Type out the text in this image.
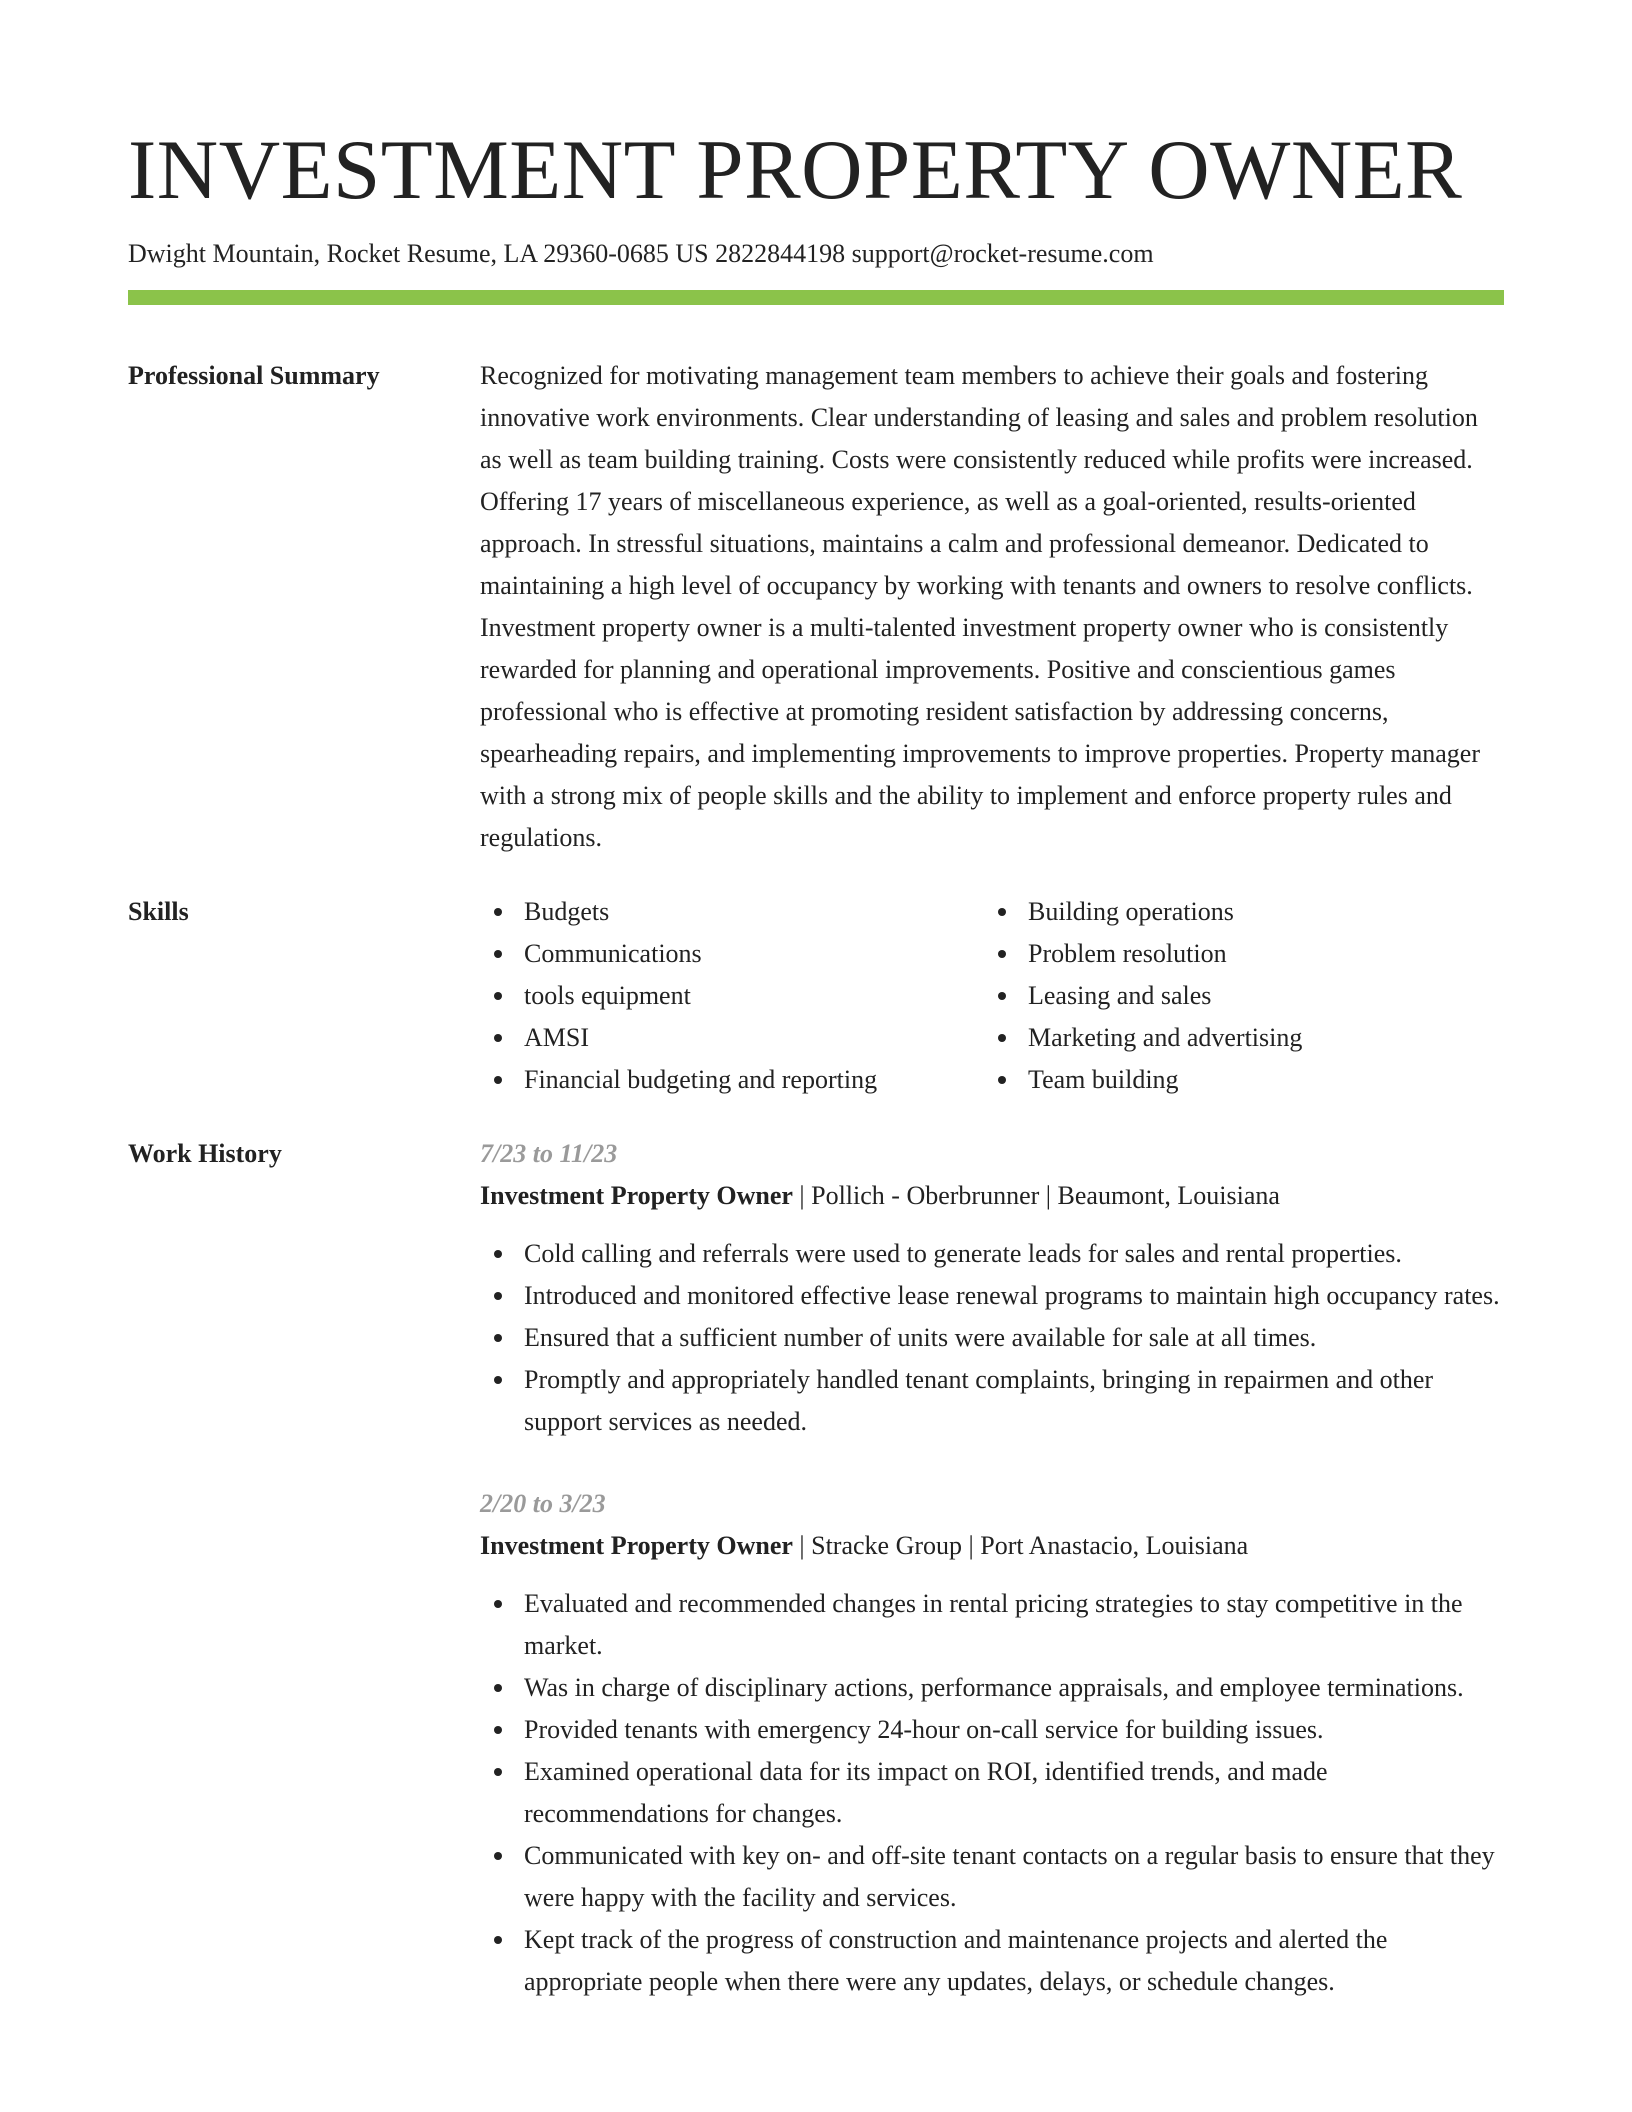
INVESTMENT PROPERTY OWNER
Dwight Mountain, Rocket Resume, LA 29360-0685 US 2822844198 support@rocket-resume.com
Professional Summary	Recognized for motivating management team members to achieve their goals and fostering innovative work environments. Clear understanding of leasing and sales and problem resolution as well as team building training. Costs were consistently reduced while profits were increased. Offering 17 years of miscellaneous experience, as well as a goal-oriented, results-oriented approach. In stressful situations, maintains a calm and professional demeanor. Dedicated to maintaining a high level of occupancy by working with tenants and owners to resolve conflicts. Investment property owner is a multi-talented investment property owner who is consistently rewarded for planning and operational improvements. Positive and conscientious games professional who is effective at promoting resident satisfaction by addressing concerns, spearheading repairs, and implementing improvements to improve properties. Property manager with a strong mix of people skills and the ability to implement and enforce property rules and regulations.
Skills	Budgets
Communications
tools equipment
AMSI
Financial budgeting and reporting
Building operations
Problem resolution
Leasing and sales
Marketing and advertising
Team building
Work History	7/23 to 11/23
Investment Property Owner | Pollich - Oberbrunner | Beaumont, Louisiana
Cold calling and referrals were used to generate leads for sales and rental properties.
Introduced and monitored effective lease renewal programs to maintain high occupancy rates.
Ensured that a sufficient number of units were available for sale at all times.
Promptly and appropriately handled tenant complaints, bringing in repairmen and other support services as needed.
2/20 to 3/23
Investment Property Owner | Stracke Group | Port Anastacio, Louisiana
Evaluated and recommended changes in rental pricing strategies to stay competitive in the market.
Was in charge of disciplinary actions, performance appraisals, and employee terminations.
Provided tenants with emergency 24-hour on-call service for building issues.
Examined operational data for its impact on ROI, identified trends, and made recommendations for changes.
Communicated with key on- and off-site tenant contacts on a regular basis to ensure that they were happy with the facility and services.
Kept track of the progress of construction and maintenance projects and alerted the appropriate people when there were any updates, delays, or schedule changes.
